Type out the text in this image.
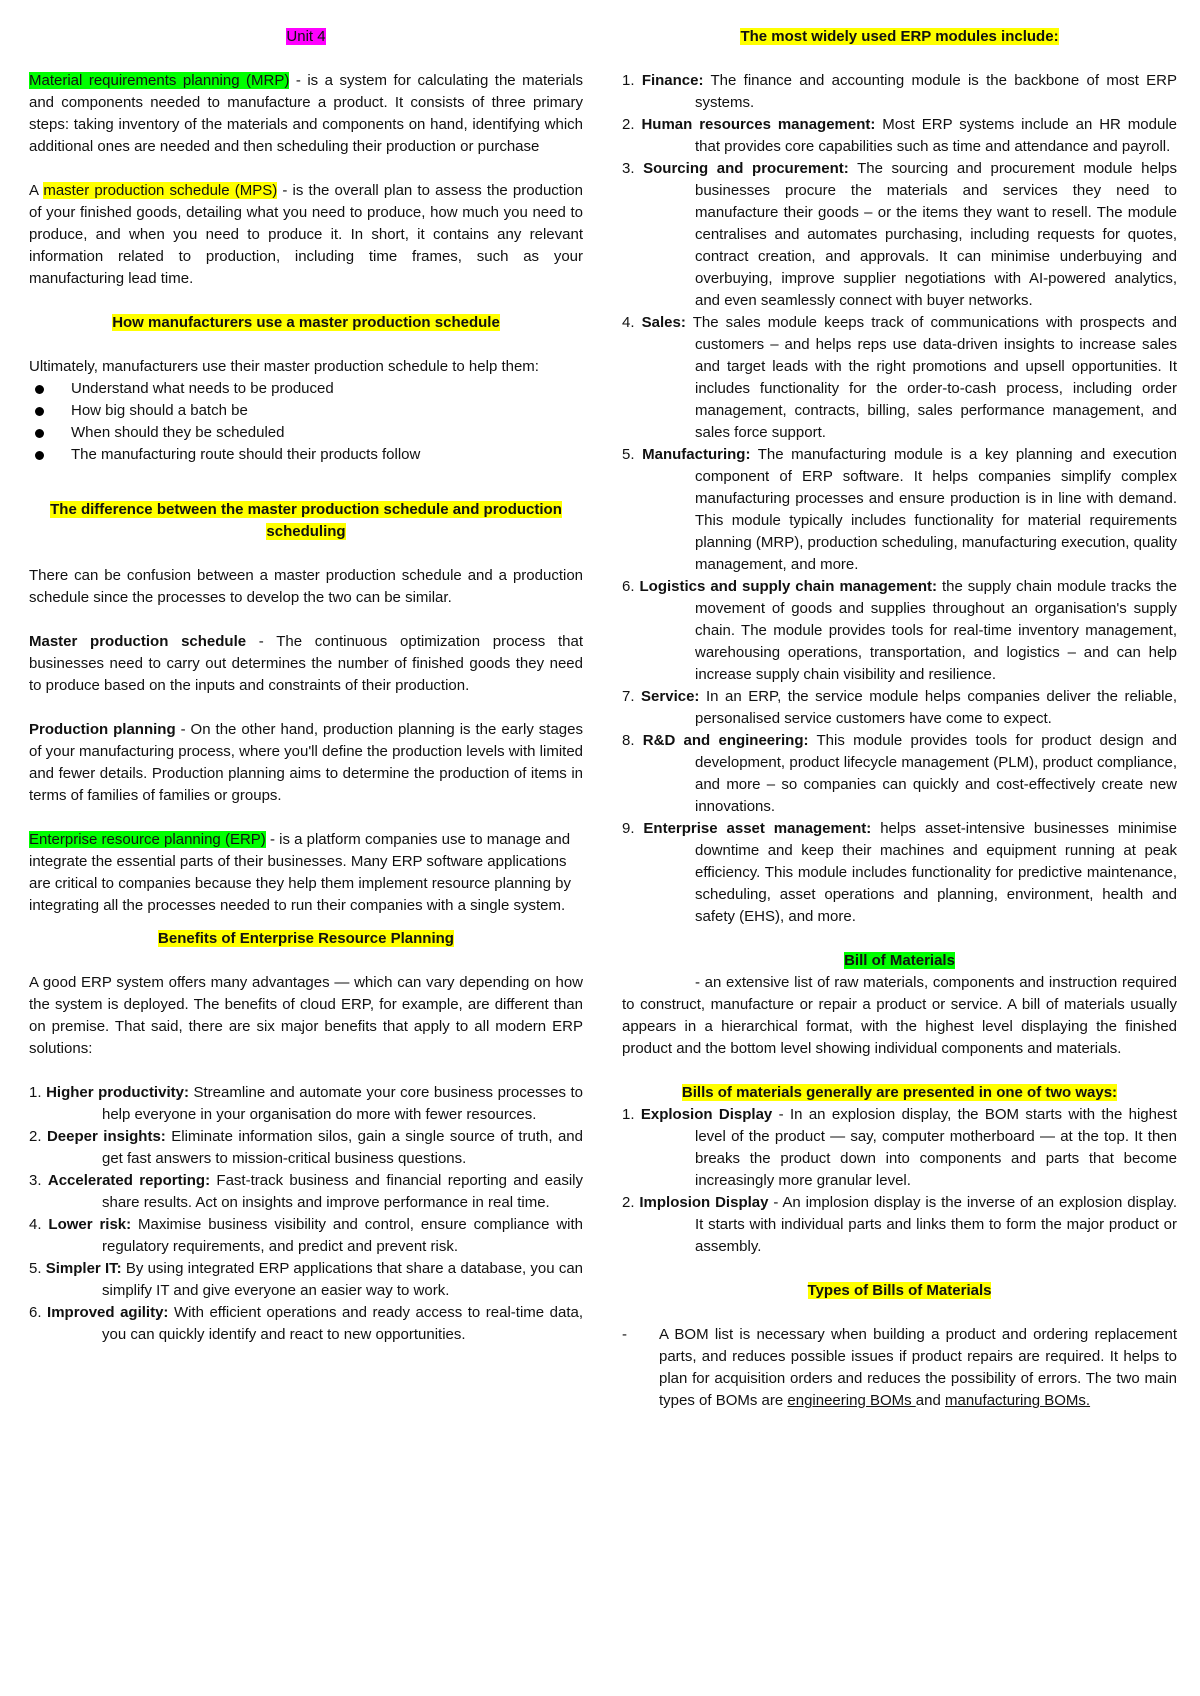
Unit 4

Material requirements planning (MRP) - is a system for calculating the materials and components needed to manufacture a product. It consists of three primary steps: taking inventory of the materials and components on hand, identifying which additional ones are needed and then scheduling their production or purchase

A master production schedule (MPS) - is the overall plan to assess the production of your finished goods, detailing what you need to produce, how much you need to produce, and when you need to produce it. In short, it contains any relevant information related to production, including time frames, such as your manufacturing lead time.

How manufacturers use a master production schedule

Ultimately, manufacturers use their master production schedule to help them:

Understand what needs to be produced
How big should a batch be
When should they be scheduled
The manufacturing route should their products follow

The difference between the master production schedule and production scheduling

There can be confusion between a master production schedule and a production schedule since the processes to develop the two can be similar.

Master production schedule - The continuous optimization process that businesses need to carry out determines the number of finished goods they need to produce based on the inputs and constraints of their production.

Production planning - On the other hand, production planning is the early stages of your manufacturing process, where you'll define the production levels with limited and fewer details. Production planning aims to determine the production of items in terms of families of families or groups.

Enterprise resource planning (ERP) - is a platform companies use to manage and integrate the essential parts of their businesses. Many ERP software applications are critical to companies because they help them implement resource planning by integrating all the processes needed to run their companies with a single system.

Benefits of Enterprise Resource Planning

A good ERP system offers many advantages — which can vary depending on how the system is deployed. The benefits of cloud ERP, for example, are different than on premise. That said, there are six major benefits that apply to all modern ERP solutions:

1. Higher productivity: Streamline and automate your core business processes to help everyone in your organisation do more with fewer resources.
2. Deeper insights: Eliminate information silos, gain a single source of truth, and get fast answers to mission-critical business questions.
3. Accelerated reporting: Fast-track business and financial reporting and easily share results. Act on insights and improve performance in real time.
4. Lower risk: Maximise business visibility and control, ensure compliance with regulatory requirements, and predict and prevent risk.
5. Simpler IT: By using integrated ERP applications that share a database, you can simplify IT and give everyone an easier way to work.
6. Improved agility: With efficient operations and ready access to real-time data, you can quickly identify and react to new opportunities.

The most widely used ERP modules include:

1. Finance: The finance and accounting module is the backbone of most ERP systems.
2. Human resources management: Most ERP systems include an HR module that provides core capabilities such as time and attendance and payroll.
3. Sourcing and procurement: The sourcing and procurement module helps businesses procure the materials and services they need to manufacture their goods – or the items they want to resell. The module centralises and automates purchasing, including requests for quotes, contract creation, and approvals. It can minimise underbuying and overbuying, improve supplier negotiations with AI-powered analytics, and even seamlessly connect with buyer networks.
4. Sales: The sales module keeps track of communications with prospects and customers – and helps reps use data-driven insights to increase sales and target leads with the right promotions and upsell opportunities. It includes functionality for the order-to-cash process, including order management, contracts, billing, sales performance management, and sales force support.
5. Manufacturing: The manufacturing module is a key planning and execution component of ERP software. It helps companies simplify complex manufacturing processes and ensure production is in line with demand. This module typically includes functionality for material requirements planning (MRP), production scheduling, manufacturing execution, quality management, and more.
6. Logistics and supply chain management: the supply chain module tracks the movement of goods and supplies throughout an organisation's supply chain. The module provides tools for real-time inventory management, warehousing operations, transportation, and logistics – and can help increase supply chain visibility and resilience.
7. Service: In an ERP, the service module helps companies deliver the reliable, personalised service customers have come to expect.
8. R&D and engineering: This module provides tools for product design and development, product lifecycle management (PLM), product compliance, and more – so companies can quickly and cost-effectively create new innovations.
9. Enterprise asset management: helps asset-intensive businesses minimise downtime and keep their machines and equipment running at peak efficiency. This module includes functionality for predictive maintenance, scheduling, asset operations and planning, environment, health and safety (EHS), and more.

Bill of Materials

- an extensive list of raw materials, components and instruction required to construct, manufacture or repair a product or service. A bill of materials usually appears in a hierarchical format, with the highest level displaying the finished product and the bottom level showing individual components and materials.

Bills of materials generally are presented in one of two ways:

1. Explosion Display - In an explosion display, the BOM starts with the highest level of the product — say, computer motherboard — at the top. It then breaks the product down into components and parts that become increasingly more granular level.
2. Implosion Display - An implosion display is the inverse of an explosion display. It starts with individual parts and links them to form the major product or assembly.

Types of Bills of Materials

- A BOM list is necessary when building a product and ordering replacement parts, and reduces possible issues if product repairs are required. It helps to plan for acquisition orders and reduces the possibility of errors. The two main types of BOMs are engineering BOMs and manufacturing BOMs.
